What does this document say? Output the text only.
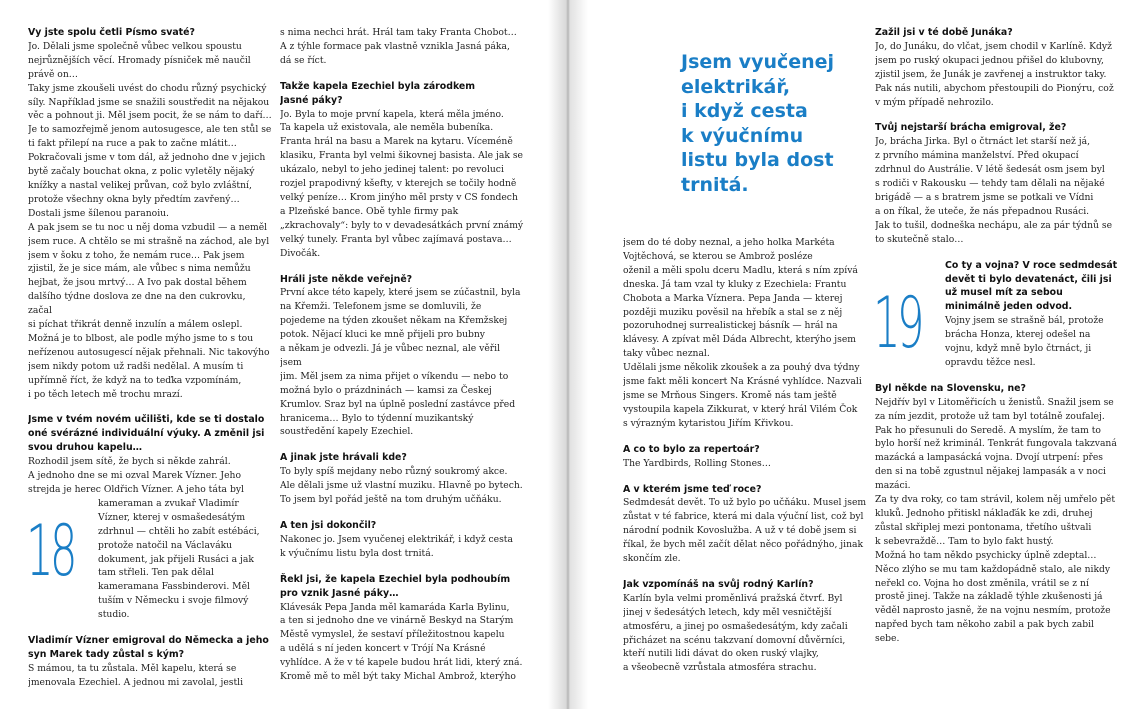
Vy jste spolu četli Písmo svaté?

Jo. Dělali jsme společně vůbec velkou spoustu

nejrůznějších věcí. Hromady písniček mě naučil

právě on…

Taky jsme zkoušeli uvést do chodu různý psychický

síly. Například jsme se snažili soustředit na nějakou

věc a pohnout ji. Měl jsem pocit, že se nám to daří…

Je to samozřejmě jenom autosugesce, ale ten stůl se

ti fakt přilepí na ruce a pak to začne mlátit…

Pokračovali jsme v tom dál, až jednoho dne v jejich

bytě začaly bouchat okna, z polic vyletěly nějaký

knížky a nastal velikej průvan, což bylo zvláštní,

protože všechny okna byly předtím zavřený…

Dostali jsme šílenou paranoiu.

A pak jsem se tu noc u něj doma vzbudil — a neměl

jsem ruce. A chtělo se mi strašně na záchod, ale byl

jsem v šoku z toho, že nemám ruce… Pak jsem

zjistil, že je sice mám, ale vůbec s nima nemůžu

hejbat, že jsou mrtvý… A Ivo pak dostal během

dalšího týdne doslova ze dne na den cukrovku, začal

si píchat třikrát denně inzulín a málem oslepl.

Možná je to blbost, ale podle mýho jsme to s tou

neřízenou autosugescí nějak přehnali. Nic takovýho

jsem nikdy potom už radši nedělal. A musím ti

upřímně říct, že když na to teďka vzpomínám,

i po těch letech mě trochu mrazí.

Jsme v tvém novém učilišti, kde se ti dostalo

oné svérázné individuální výuky. A změnil jsi

svou druhou kapelu…

Rozhodil jsem sítě, že bych si někde zahrál.

A jednoho dne se mi ozval Marek Vízner. Jeho

strejda je herec Oldřich Vízner. A jeho táta byl

kameraman a zvukař Vladimír

Vízner, kterej v osmašedesátým

zdrhnul — chtěli ho zabít estébáci,

protože natočil na Václaváku

dokument, jak přijeli Rusáci a jak

tam střleli. Ten pak dělal

kameramana Fassbinderovi. Měl

tuším v Německu i svoje filmový

studio.

Vladimír Vízner emigroval do Německa a jeho

syn Marek tady zůstal s kým?

S mámou, ta tu zůstala. Měl kapelu, která se

jmenovala Ezechiel. A jednou mi zavolal, jestli

s nima nechci hrát. Hrál tam taky Franta Chobot…

A z týhle formace pak vlastně vznikla Jasná páka,

dá se říct.

Takže kapela Ezechiel byla zárodkem

Jasné páky?

Jo. Byla to moje první kapela, která měla jméno.

Ta kapela už existovala, ale neměla bubeníka.

Franta hrál na basu a Marek na kytaru. Víceméně

klasiku, Franta byl velmi šikovnej basista. Ale jak se

ukázalo, nebyl to jeho jedinej talent: po revoluci

rozjel prapodivný kšefty, v kterejch se točily hodně

velký peníze… Krom jinýho měl prsty v CS fondech

a Plzeňské bance. Obě tyhle firmy pak

„zkrachovaly“: byly to v devadesátkách první známý

velký tunely. Franta byl vůbec zajímavá postava…

Divočák.

Hráli jste někde veřejně?

První akce této kapely, které jsem se zúčastnil, byla

na Křemži. Telefonem jsme se domluvili, že

pojedeme na týden zkoušet někam na Křemžskej

potok. Nějací kluci ke mně přijeli pro bubny

a někam je odvezli. Já je vůbec neznal, ale věřil jsem

jim. Měl jsem za nima přijet o víkendu — nebo to

možná bylo o prázdninách — kamsi za Českej

Krumlov. Sraz byl na úplně poslední zastávce před

hranicema… Bylo to týdenní muzikantský

soustředění kapely Ezechiel.

A jinak jste hrávali kde?

To byly spíš mejdany nebo různý soukromý akce.

Ale dělali jsme už vlastní muziku. Hlavně po bytech.

To jsem byl pořád ještě na tom druhým učňáku.

A ten jsi dokončil?

Nakonec jo. Jsem vyučenej elektrikář, i když cesta

k výučnímu listu byla dost trnitá.

Řekl jsi, že kapela Ezechiel byla podhoubím

pro vznik Jasné páky…

Klávesák Pepa Janda měl kamaráda Karla Bylinu,

a ten si jednoho dne ve vinárně Beskyd na Starým

Městě vymyslel, že sestaví příležitostnou kapelu

a udělá s ní jeden koncert v Trójí Na Krásné

vyhlídce. A že v té kapele budou hrát lidi, který zná.

Kromě mě to měl být taky Michal Ambrož, kterýho

18
Jsem vyučenej
elektrikář,
i když cesta
k výučnímu
listu byla dost
trnitá.

jsem do té doby neznal, a jeho holka Markéta

Vojtěchová, se kterou se Ambrož posléze

oženil a měli spolu dceru Madlu, která s ním zpívá

dneska. Já tam vzal ty kluky z Ezechiela: Frantu

Chobota a Marka Víznera. Pepa Janda — kterej

později muziku pověsil na hřebík a stal se z něj

pozoruhodnej surrealistickej básník — hrál na

klávesy. A zpívat měl Dáda Albrecht, kterýho jsem

taky vůbec neznal.

Udělali jsme několik zkoušek a za pouhý dva týdny

jsme fakt měli koncert Na Krásné vyhlídce. Nazvali

jsme se Mrňous Singers. Kromě nás tam ještě

vystoupila kapela Zikkurat, v který hrál Vilém Čok

s výrazným kytaristou Jiřím Křivkou.

A co to bylo za repertoár?

The Yardbirds, Rolling Stones…

A v kterém jsme teď roce?

Sedmdesát devět. To už bylo po učňáku. Musel jsem

zůstat v té fabrice, která mi dala výuční list, což byl

národní podnik Kovoslužba. A už v té době jsem si

říkal, že bych měl začít dělat něco pořádnýho, jinak

skončím zle.

Jak vzpomínáš na svůj rodný Karlín?

Karlín byla velmi proměnlivá pražská čtvrť. Byl

jinej v šedesátých letech, kdy měl vesničtější

atmosféru, a jinej po osmašedesátým, kdy začali

přicházet na scénu takzvaní domovní důvěrníci,

kteří nutili lidi dávat do oken ruský vlajky,

a všeobecně vzrůstala atmosféra strachu.

Zažil jsi v té době Junáka?

Jo, do Junáku, do vlčat, jsem chodil v Karlíně. Když

jsem po ruský okupaci jednou přišel do klubovny,

zjistil jsem, že Junák je zavřenej a instruktor taky.

Pak nás nutili, abychom přestoupili do Pionýru, což

v mým případě nehrozilo.

Tvůj nejstarší brácha emigroval, že?

Jo, brácha Jirka. Byl o čtrnáct let starší než já,

z prvního máminа manželství. Před okupací

zdrhnul do Austrálie. V létě šedesát osm jsem byl

s rodiči v Rakousku — tehdy tam dělali na nějaké

brigádě — a s bratrem jsme se potkali ve Vídni

a on říkal, že uteče, že nás přepadnou Rusáci.

Jak to tušil, dodneška nechápu, ale za pár týdnů se

to skutečně stalo…

Co ty a vojna? V roce sedmdesát

devět ti bylo devatenáct, čili jsi

už musel mít za sebou

minimálně jeden odvod.

Vojny jsem se strašně bál, protože

brácha Honza, kterej odešel na

vojnu, když mně bylo čtrnáct, ji

opravdu těžce nesl.

Byl někde na Slovensku, ne?

Nejdřív byl v Litoměřicích u ženistů. Snažil jsem se

za ním jezdit, protože už tam byl totálně zoufalej.

Pak ho přesunuli do Seredě. A myslím, že tam to

bylo horší než kriminál. Tenkrát fungovala takzvaná

mazácká a lampasácká vojna. Dvojí utrpení: přes

den si na tobě zgustnul nějakej lampasák a v noci

mazáci.

Za ty dva roky, co tam strávil, kolem něj umřelo pět

kluků. Jednoho přitiskl náklaďák ke zdi, druhej

zůstal skřiplej mezi pontonama, třetího uštvali

k sebevraždě… Tam to bylo fakt hustý.

Možná ho tam někdo psychicky úplně zdeptal…

Něco zlýho se mu tam každopádně stalo, ale nikdy

neřekl co. Vojna ho dost změnila, vrátil se z ní

prostě jinej. Takže na základě týhle zkušenosti já

věděl naprosto jasně, že na vojnu nesmím, protože

napřed bych tam někoho zabil a pak bych zabil

sebe.

19
